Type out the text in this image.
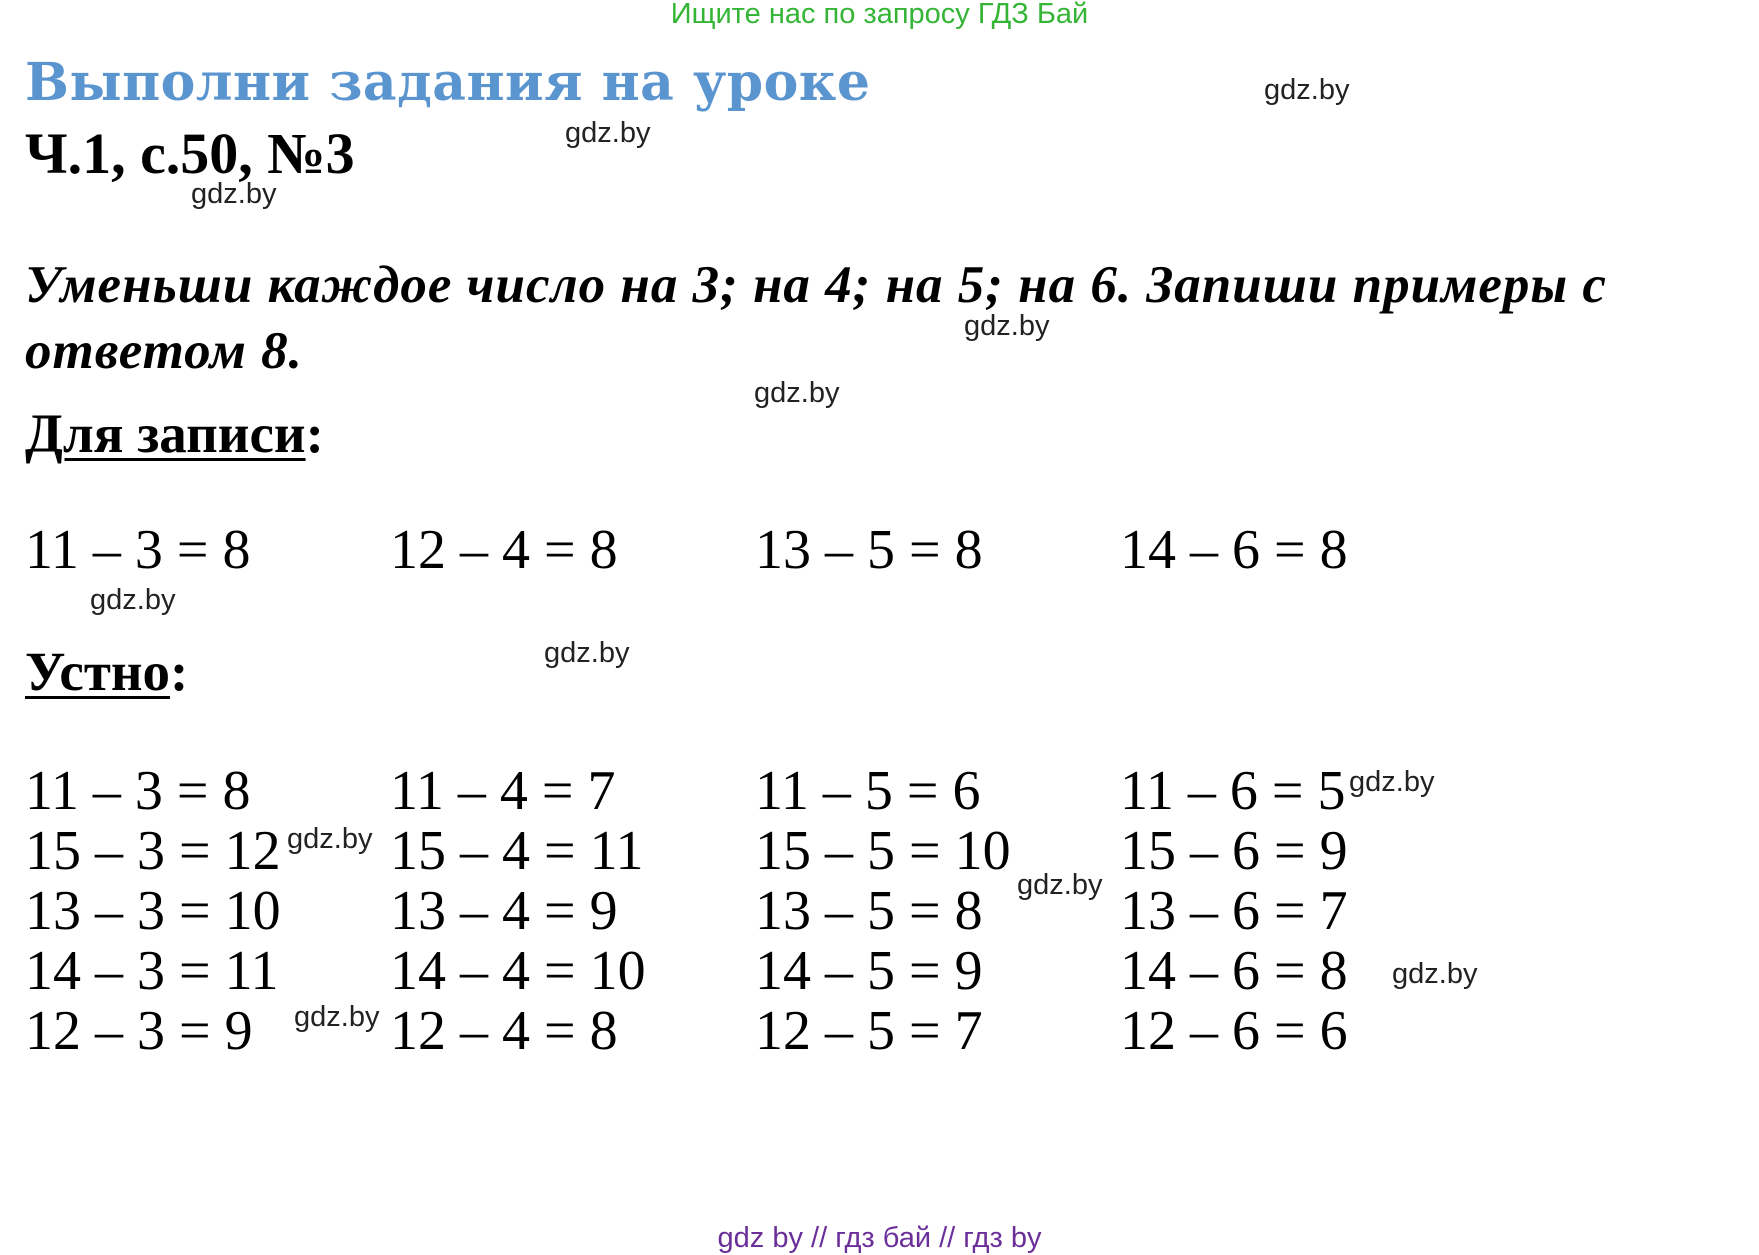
Ищите нас по запросу ГДЗ Бай
Выполни задания на уроке
Ч.1, с.50, №3
Уменьши каждое число на 3; на 4; на 5; на 6. Запиши примеры с ответом 8.
Для записи:
11 – 3 = 8 12 – 4 = 8 13 – 5 = 8 14 – 6 = 8
Устно:
11 – 3 = 8 11 – 4 = 7 11 – 5 = 6 11 – 6 = 5
15 – 3 = 12 15 – 4 = 11 15 – 5 = 10 15 – 6 = 9
13 – 3 = 10 13 – 4 = 9 13 – 5 = 8 13 – 6 = 7
14 – 3 = 11 14 – 4 = 10 14 – 5 = 9 14 – 6 = 8
12 – 3 = 9 12 – 4 = 8 12 – 5 = 7 12 – 6 = 6
gdz.by
gdz.by
gdz.by
gdz.by
gdz.by
gdz.by
gdz.by
gdz.by
gdz.by
gdz.by
gdz.by
gdz.by
gdz by // гдз бай // гдз by
